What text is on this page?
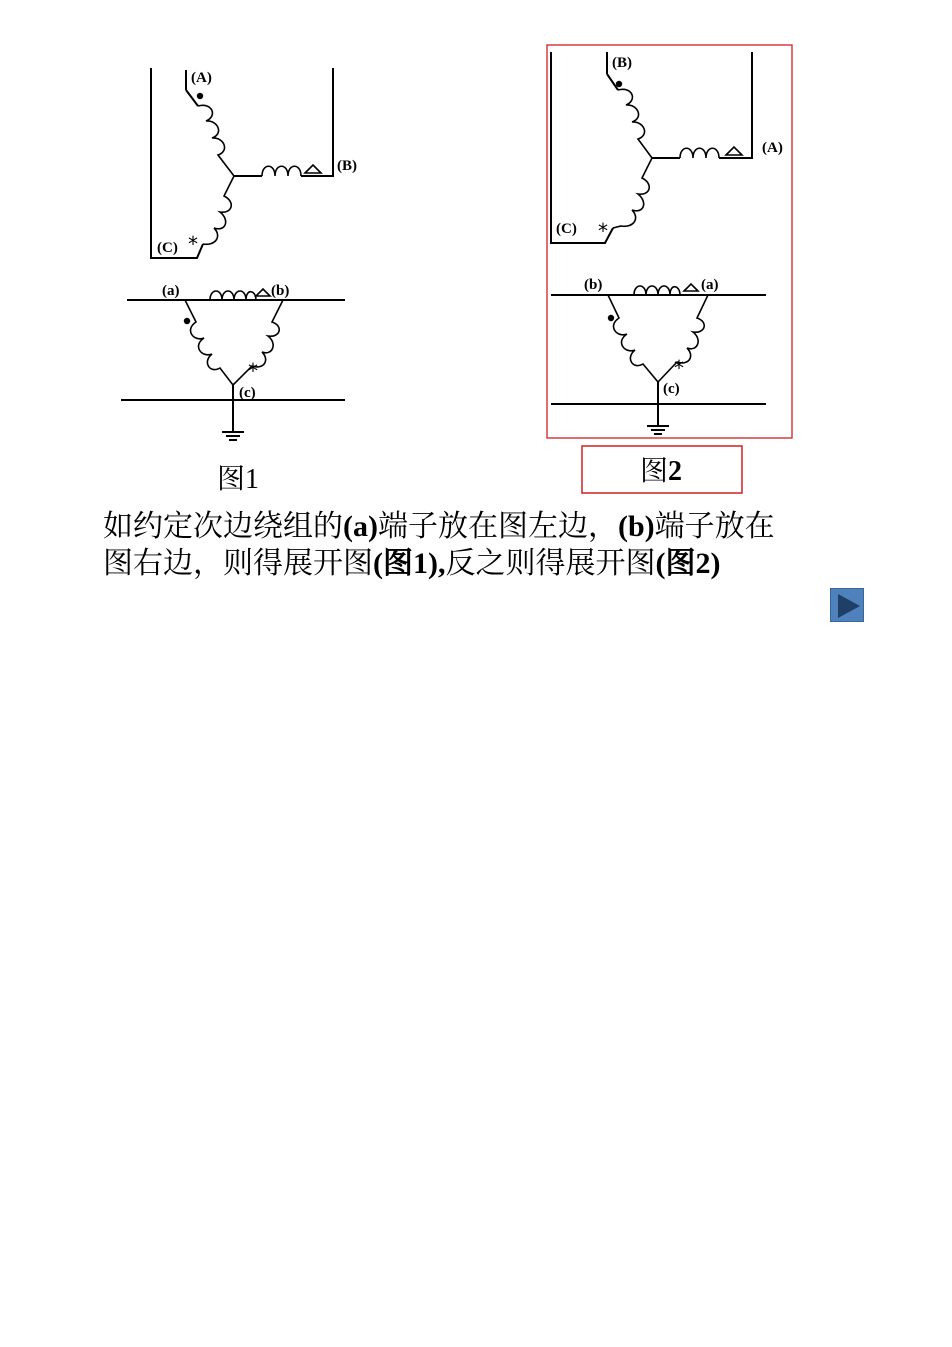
*
(A)
(B)
(C)
*
(a)	(b)
(c)
图1
*
(B)
(A)
(C)
*
(b)	(a)
(c)
图2

如约定次边绕组的(a)端子放在图左边，(b)端子放在
图右边，则得展开图(图1),反之则得展开图(图2)
